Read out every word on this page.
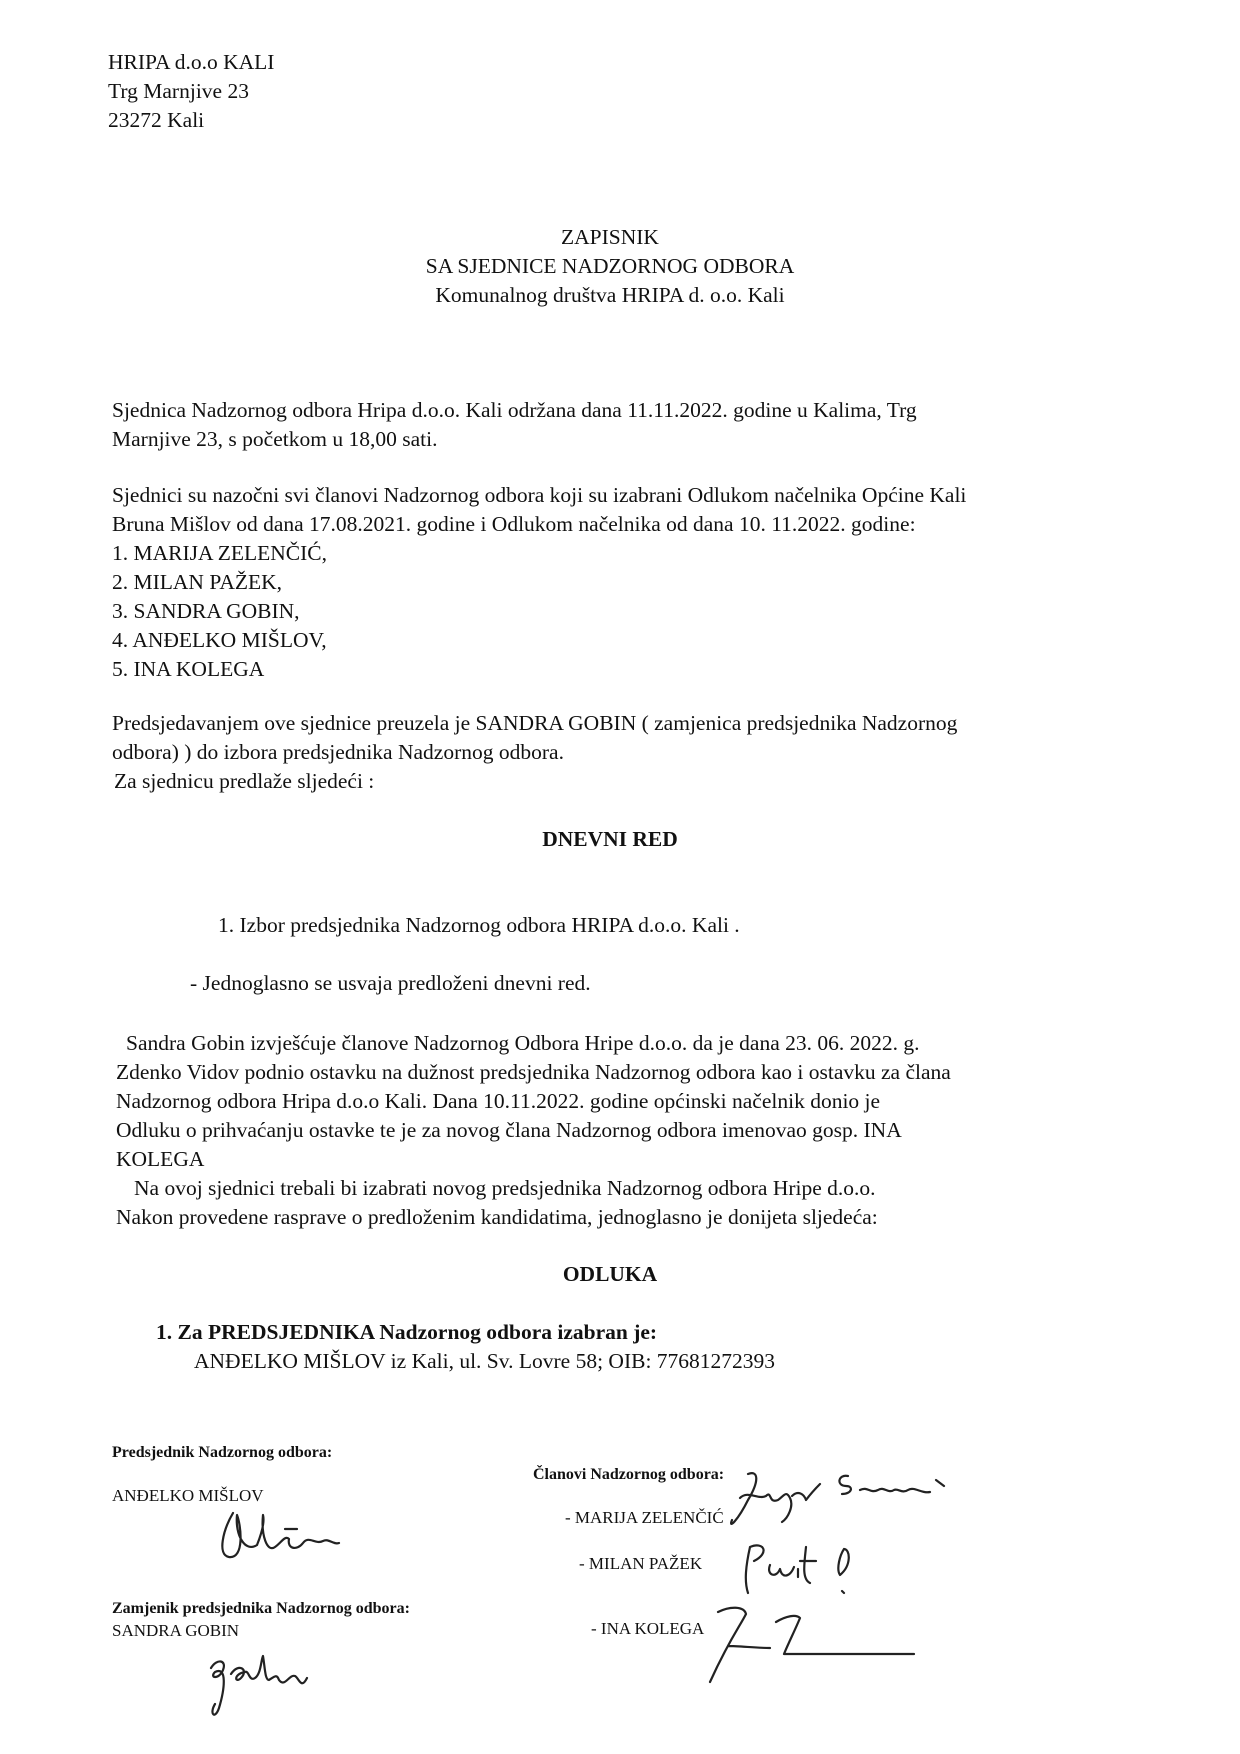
HRIPA d.o.o KALI
Trg Marnjive 23
23272 Kali
ZAPISNIK
SA SJEDNICE NADZORNOG ODBORA
Komunalnog društva HRIPA d. o.o. Kali
Sjednica Nadzornog odbora Hripa d.o.o. Kali održana dana 11.11.2022. godine u Kalima, Trg
Marnjive 23, s početkom u 18,00 sati.
Sjednici su nazočni svi članovi Nadzornog odbora koji su izabrani Odlukom načelnika Općine Kali
Bruna Mišlov od dana 17.08.2021. godine i Odlukom načelnika od dana 10. 11.2022. godine:
1. MARIJA ZELENČIĆ,
2. MILAN PAŽEK,
3. SANDRA GOBIN,
4. ANĐELKO MIŠLOV,
5. INA KOLEGA
Predsjedavanjem ove sjednice preuzela je SANDRA GOBIN ( zamjenica predsjednika Nadzornog
odbora) ) do izbora predsjednika Nadzornog odbora.
Za sjednicu predlaže sljedeći :
DNEVNI RED
1. Izbor predsjednika Nadzornog odbora HRIPA d.o.o. Kali .
- Jednoglasno se usvaja predloženi dnevni red.
Sandra Gobin izvješćuje članove Nadzornog Odbora Hripe d.o.o. da je dana 23. 06. 2022. g.
Zdenko Vidov podnio ostavku na dužnost predsjednika Nadzornog odbora kao i ostavku za člana
Nadzornog odbora Hripa d.o.o Kali. Dana 10.11.2022. godine općinski načelnik donio je
Odluku o prihvaćanju ostavke te je za novog člana Nadzornog odbora imenovao gosp. INA
KOLEGA
Na ovoj sjednici trebali bi izabrati novog predsjednika Nadzornog odbora Hripe d.o.o.
Nakon provedene rasprave o predloženim kandidatima, jednoglasno je donijeta sljedeća:
ODLUKA
1. Za PREDSJEDNIKA Nadzornog odbora izabran je:
ANĐELKO MIŠLOV iz Kali, ul. Sv. Lovre 58; OIB: 77681272393
Predsjednik Nadzornog odbora:
ANĐELKO MIŠLOV
Zamjenik predsjednika Nadzornog odbora:
SANDRA GOBIN
Članovi Nadzornog odbora:
- MARIJA ZELENČIĆ
- MILAN PAŽEK
- INA KOLEGA
